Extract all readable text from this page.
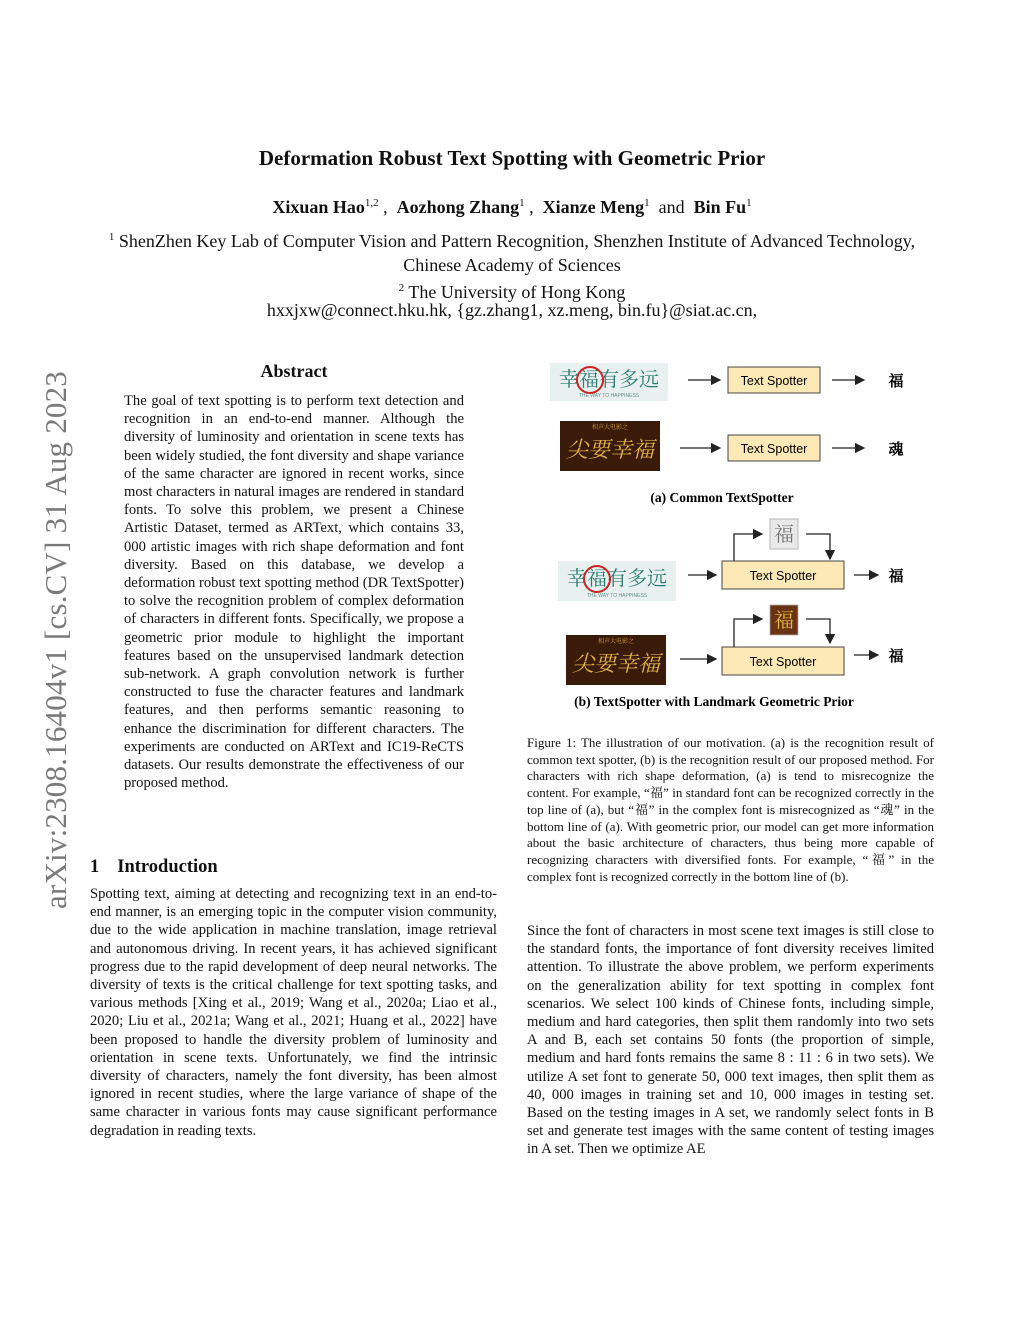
arXiv:2308.16404v1 [cs.CV] 31 Aug 2023
Deformation Robust Text Spotting with Geometric Prior
Xixuan Hao$^{1,2}$ ,  Aozhong Zhang$^1$ ,  Xianze Meng$^1$ and Bin Fu$^1$
$^1$ ShenZhen Key Lab of Computer Vision and Pattern Recognition, Shenzhen Institute of Advanced Technology, Chinese Academy of Sciences
$^2$ The University of Hong Kong
hxxjxw@connect.hku.hk, {gz.zhang1, xz.meng, bin.fu}@siat.ac.cn,
Abstract
The goal of text spotting is to perform text detection and recognition in an end-to-end manner. Although the diversity of luminosity and orientation in scene texts has been widely studied, the font diversity and shape variance of the same character are ignored in recent works, since most characters in natural images are rendered in standard fonts. To solve this problem, we present a Chinese Artistic Dataset, termed as ARText, which contains 33, 000 artistic images with rich shape deformation and font diversity. Based on this database, we develop a deformation robust text spotting method (DR TextSpotter) to solve the recognition problem of complex deformation of characters in different fonts. Specifically, we propose a geometric prior module to highlight the important features based on the unsupervised landmark detection sub-network. A graph convolution network is further constructed to fuse the character features and landmark features, and then performs semantic reasoning to enhance the discrimination for different characters. The experiments are conducted on ARText and IC19-ReCTS datasets. Our results demonstrate the effectiveness of our proposed method.
1 Introduction
Spotting text, aiming at detecting and recognizing text in an end-to-end manner, is an emerging topic in the computer vision community, due to the wide application in machine translation, image retrieval and autonomous driving. In recent years, it has achieved significant progress due to the rapid development of deep neural networks. The diversity of texts is the critical challenge for text spotting tasks, and various methods [Xing et al., 2019; Wang et al., 2020a; Liao et al., 2020; Liu et al., 2021a; Wang et al., 2021; Huang et al., 2022] have been proposed to handle the diversity problem of luminosity and orientation in scene texts. Unfortunately, we find the intrinsic diversity of characters, namely the font diversity, has been almost ignored in recent studies, where the large variance of shape of the same character in various fonts may cause significant performance degradation in reading texts.
幸福有多远
THE WAY TO HAPPINESS
Text Spotter	福
相声大电影之
尖要幸福	Text Spotter	魂
(a) Common TextSpotter
福
幸福有多远
THE WAY TO HAPPINESS
Text Spotter	福
福
相声大电影之
尖要幸福	Text Spotter	福
(b) TextSpotter with Landmark Geometric Prior
Figure 1: The illustration of our motivation. (a) is the recognition result of common text spotter, (b) is the recognition result of our proposed method. For characters with rich shape deformation, (a) is tend to misrecognize the content. For example, “福” in standard font can be recognized correctly in the top line of (a), but “福” in the complex font is misrecognized as “魂” in the bottom line of (a). With geometric prior, our model can get more information about the basic architecture of characters, thus being more capable of recognizing characters with diversified fonts. For example, “福” in the complex font is recognized correctly in the bottom line of (b).
Since the font of characters in most scene text images is still close to the standard fonts, the importance of font diversity receives limited attention. To illustrate the above problem, we perform experiments on the generalization ability for text spotting in complex font scenarios. We select 100 kinds of Chinese fonts, including simple, medium and hard categories, then split them randomly into two sets A and B, each set contains 50 fonts (the proportion of simple, medium and hard fonts remains the same 8 : 11 : 6 in two sets). We utilize A set font to generate 50, 000 text images, then split them as 40, 000 images in training set and 10, 000 images in testing set. Based on the testing images in A set, we randomly select fonts in B set and generate test images with the same content of testing images in A set. Then we optimize AE
